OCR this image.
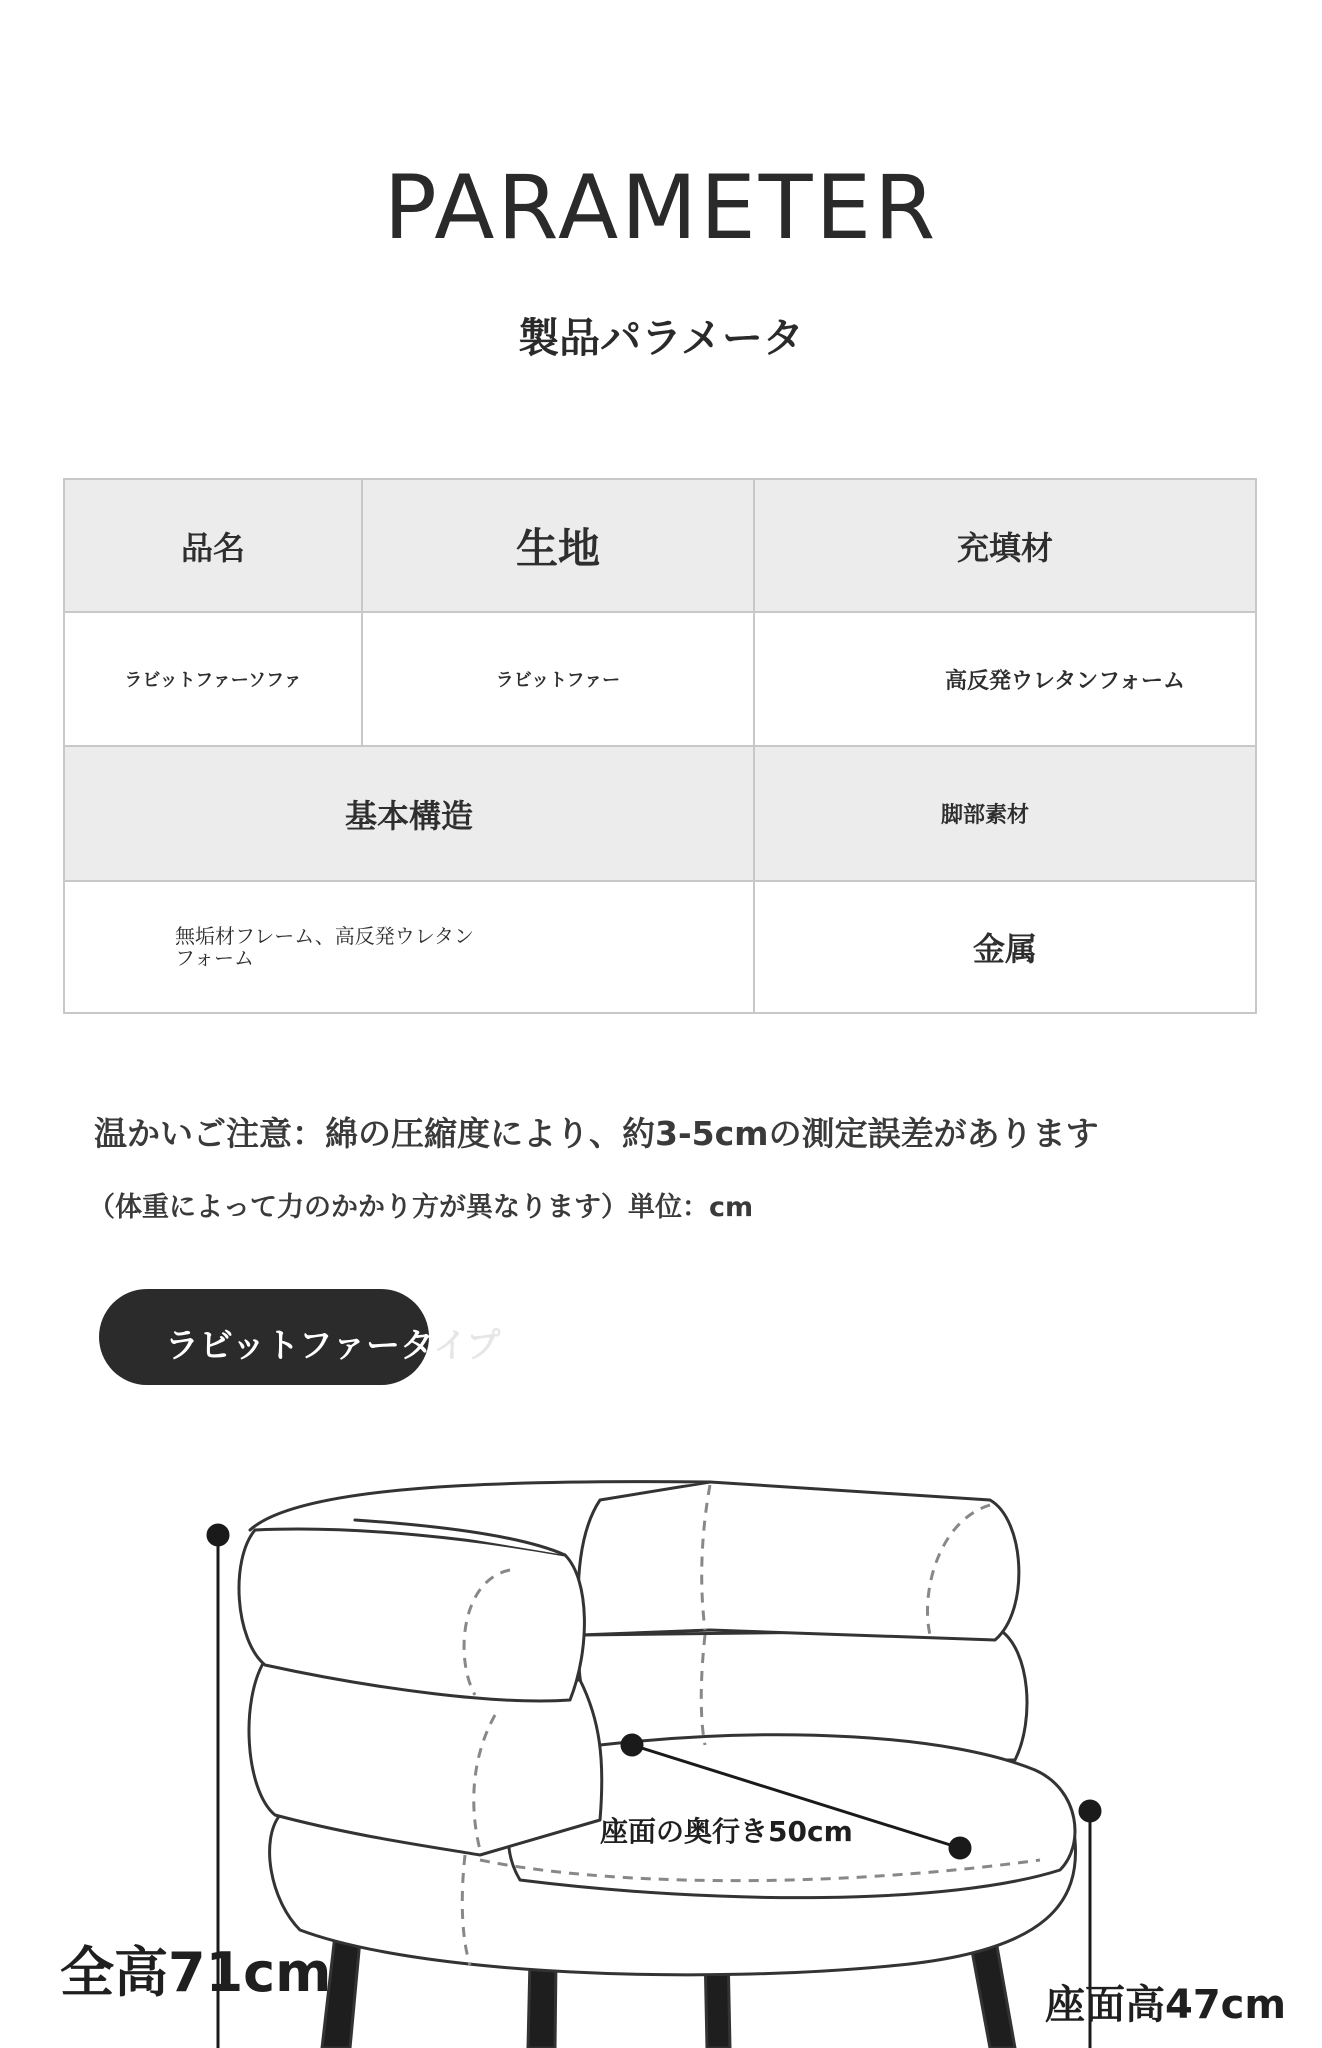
PARAMETER
製品パラメータ
品名	生地	充填材
ラビットファーソファ	ラビットファー	高反発ウレタンフォーム
基本構造		脚部素材
無垢材フレーム、高反発ウレタンフォーム		金属
温かいご注意：綿の圧縮度により、約3-5cmの測定誤差があります
（体重によって力のかかり方が異なります）単位：cm
ラビットファータイプ
座面の奥行き50cm
全高71cm
座面高47cm
